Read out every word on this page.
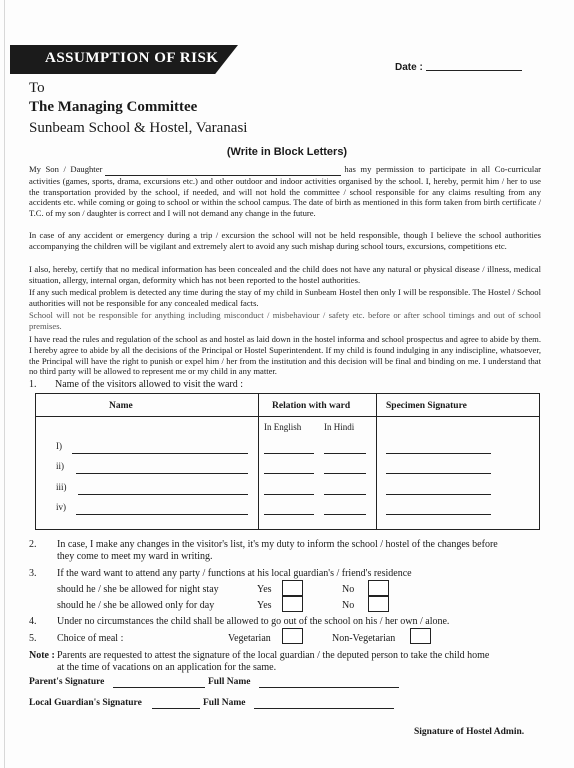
ASSUMPTION OF RISK
Date :
To
The Managing Committee
Sunbeam School & Hostel, Varanasi
(Write in Block Letters)
My Son / Daughter	has my permission to participate in all Co-curricular activities (games, sports, drama, excursions etc.) and other outdoor and indoor activities organised by the school. I, hereby, permit him / her to use the transportation provided by the school, if needed, and will not hold the committee / school responsible for any claims resulting from any accidents etc. while coming or going to school or within the school campus. The date of birth as mentioned in this form taken from birth certificate / T.C. of my son / daughter is correct and I will not demand any change in the future.
In case of any accident or emergency during a trip / excursion the school will not be held responsible, though I believe the school authorities accompanying the children will be vigilant and extremely alert to avoid any such mishap during school tours, excursions, competitions etc.
I also, hereby, certify that no medical information has been concealed and the child does not have any natural or physical disease / illness, medical situation, allergy, internal organ, deformity which has not been reported to the hostel authorities.
If any such medical problem is detected any time during the stay of my child in Sunbeam Hostel then only I will be responsible. The Hostel / School authorities will not be responsible for any concealed medical facts.
School will not be responsible for anything including misconduct / misbehaviour / safety etc. before or after school timings and out of school premises.
I have read the rules and regulation of the school as and hostel as laid down in the hostel informa and school prospectus and agree to abide by them. I hereby agree to abide by all the decisions of the Principal or Hostel Superintendent. If my child is found indulging in any indiscipline, whatsoever, the Principal will have the right to punish or expel him / her from the institution and this decision will be final and binding on me. I understand that no third party will be allowed to represent me or my child in any matter.
1. Name of the visitors allowed to visit the ward :
Name	Relation with ward	Specimen Signature
In English	In Hindi
I)
ii)
iii)
iv)
2. In case, I make any changes in the visitor's list, it's my duty to inform the school / hostel of the changes before
they come to meet my ward in writing.
3. If the ward want to attend any party / functions at his local guardian's / friend's residence
should he / she be allowed for night stay	Yes	No
should he / she be allowed only for day	Yes	No
4. Under no circumstances the child shall be allowed to go out of the school on his / her own / alone.
5. Choice of meal :	Vegetarian	Non-Vegetarian
Note : Parents are requested to attest the signature of the local guardian / the deputed person to take the child home
at the time of vacations on an application for the same.
Parent's Signature	Full Name
Local Guardian's Signature	Full Name
Signature of Hostel Admin.
